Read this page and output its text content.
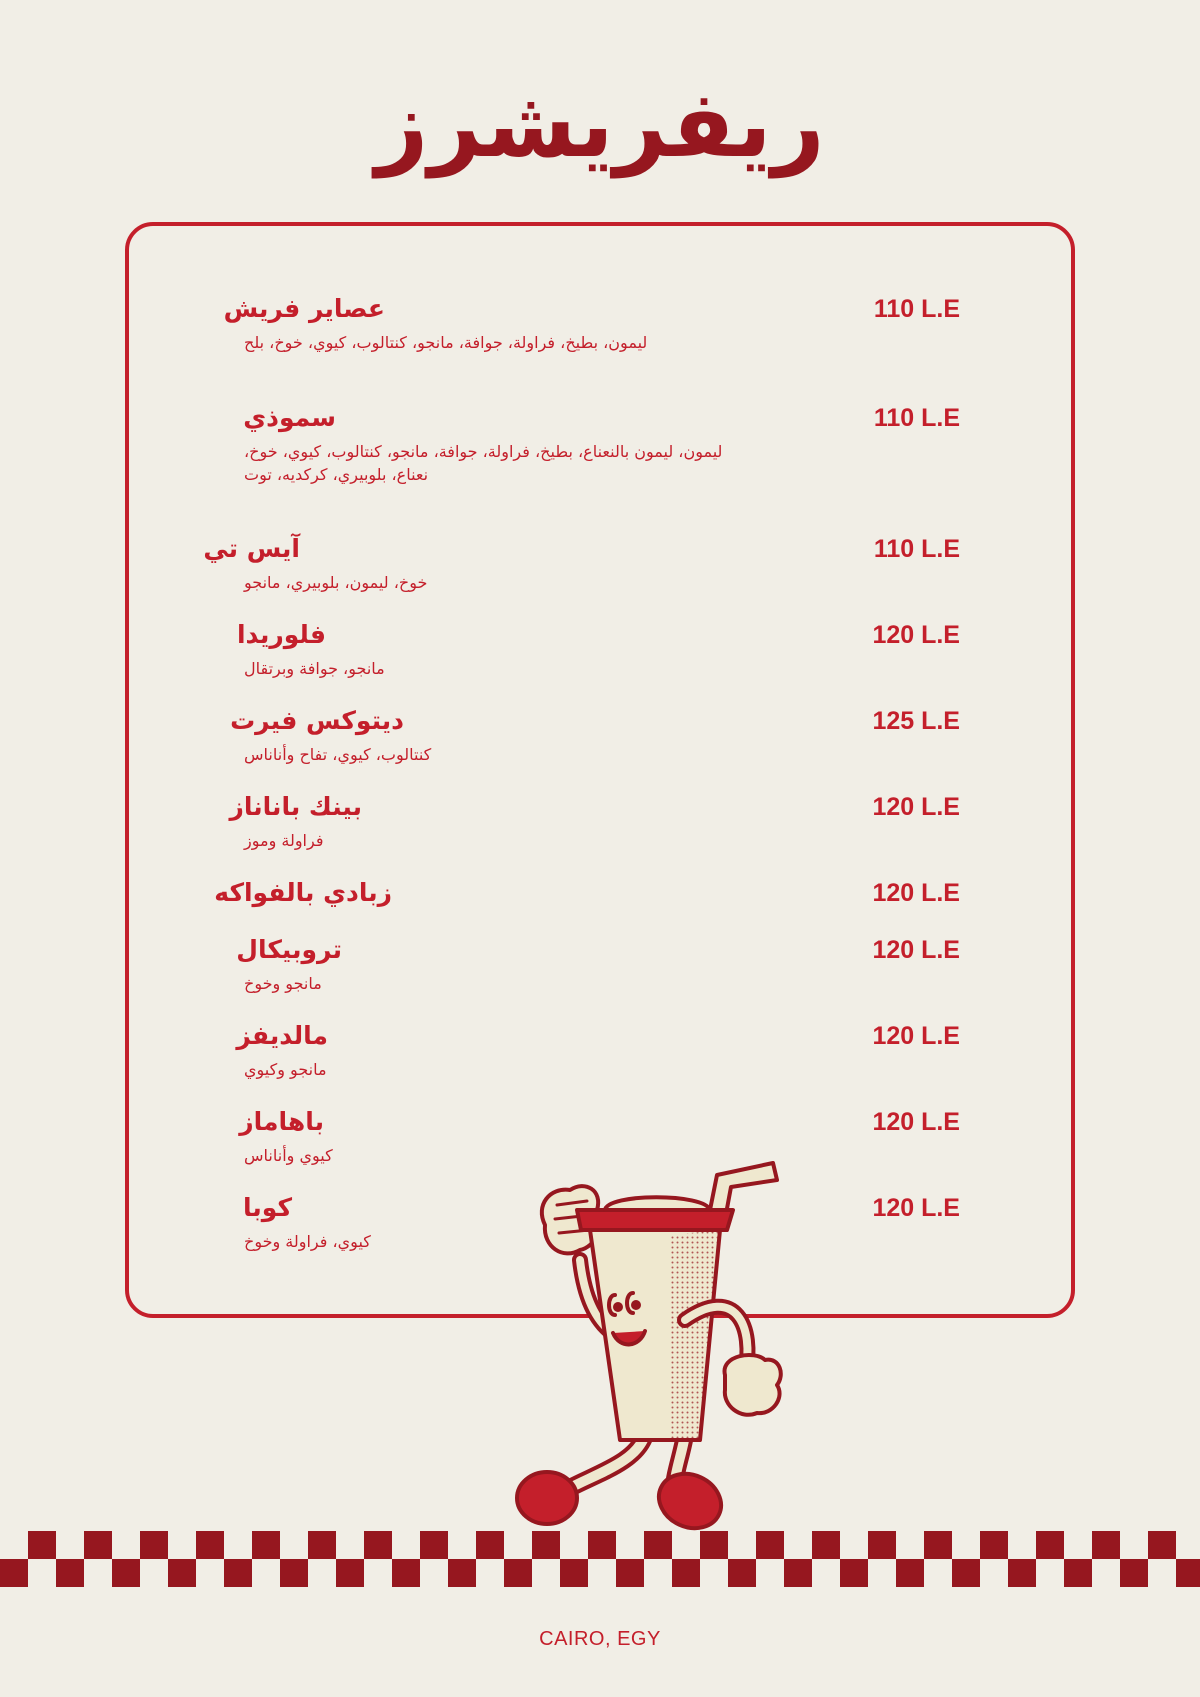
ريفريشرز
عصاير فريش	110 L.E
ليمون، بطيخ، فراولة، جوافة، مانجو، كنتالوب، كيوي، خوخ، بلح
سموذي	110 L.E
ليمون، ليمون بالنعناع، بطيخ، فراولة، جوافة، مانجو، كنتالوب، كيوي، خوخ،
نعناع، بلوبيري، كركديه، توت
آيس تي	110 L.E
خوخ، ليمون، بلوبيري، مانجو
فلوريدا	120 L.E
مانجو، جوافة وبرتقال
ديتوكس فيرت	125 L.E
كنتالوب، كيوي، تفاح وأناناس
بينك باناناز	120 L.E
فراولة وموز
زبادي بالفواكه	120 L.E
تروبيكال	120 L.E
مانجو وخوخ
مالديفز	120 L.E
مانجو وكيوي
باهاماز	120 L.E
كيوي وأناناس
كوبا	120 L.E
كيوي، فراولة وخوخ
CAIRO, EGY
